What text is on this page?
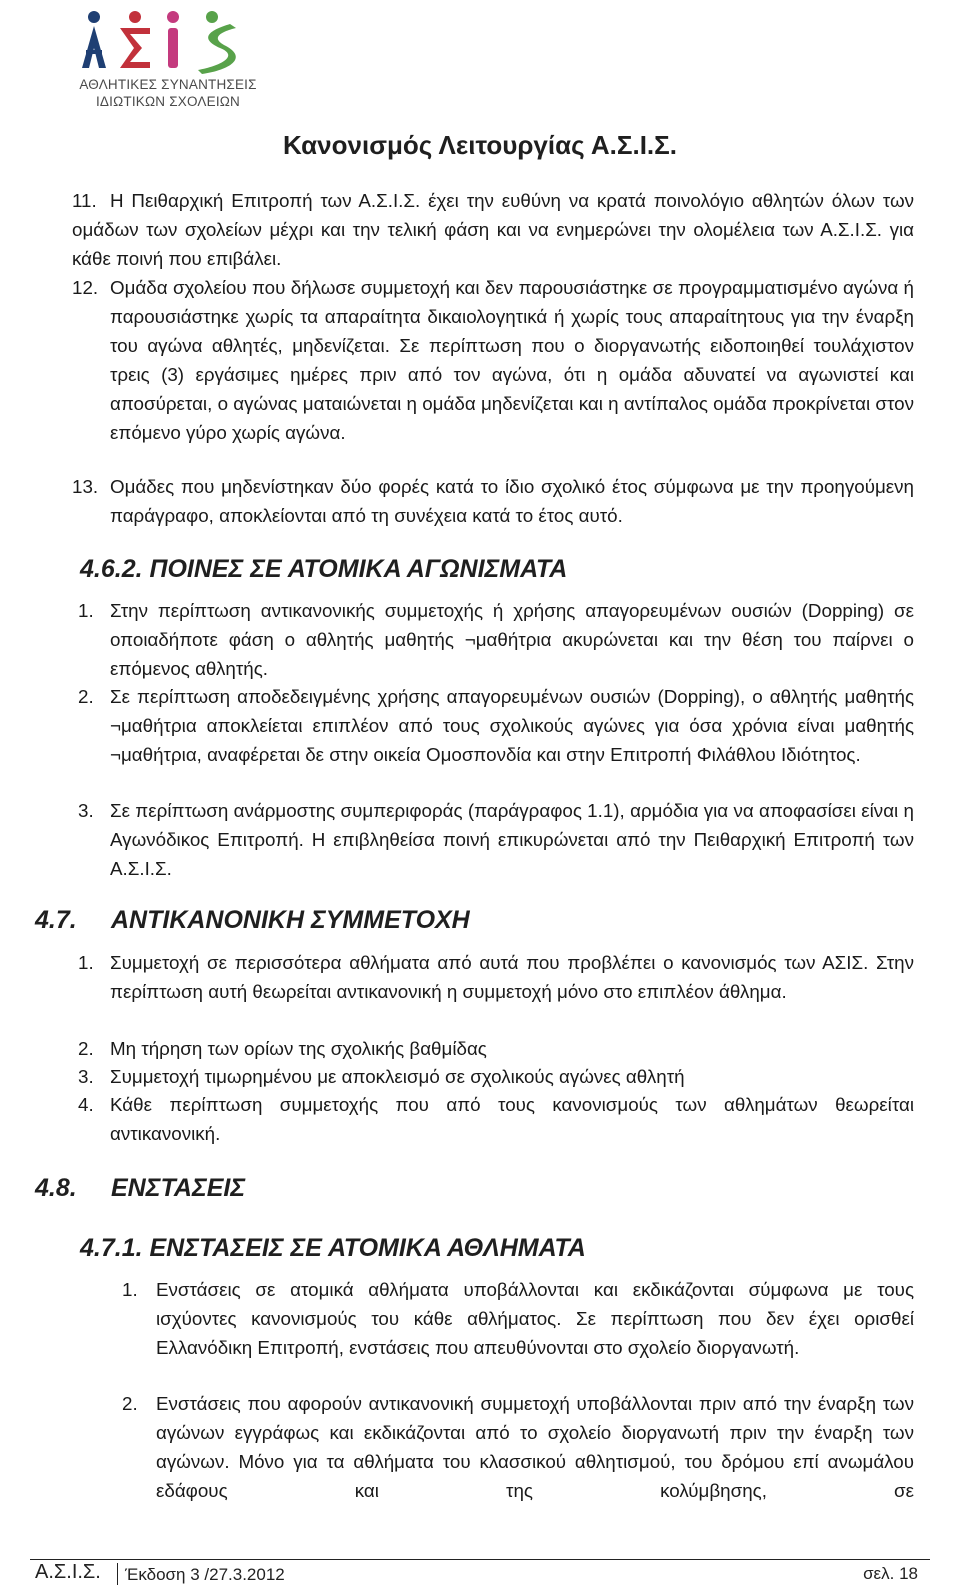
ΑΘΛΗΤΙΚΕΣ ΣΥΝΑΝΤΗΣΕΙΣ
ΙΔΙΩΤΙΚΩΝ ΣΧΟΛΕΙΩΝ
Κανονισμός Λειτουργίας Α.Σ.Ι.Σ.
11. Η Πειθαρχική Επιτροπή των Α.Σ.Ι.Σ. έχει την ευθύνη να κρατά ποινολόγιο αθλητών όλων των ομάδων των σχολείων μέχρι και την τελική φάση και να ενημερώνει την ολομέλεια των Α.Σ.Ι.Σ. για κάθε ποινή που επιβάλει.
12. Ομάδα σχολείου που δήλωσε συμμετοχή και δεν παρουσιάστηκε σε προγραμματισμένο αγώνα ή παρουσιάστηκε χωρίς τα απαραίτητα δικαιολογητικά ή χωρίς τους απαραίτητους για την έναρξη του αγώνα αθλητές, μηδενίζεται. Σε περίπτωση που ο διοργανωτής ειδοποιηθεί τουλάχιστον τρεις (3) εργάσιμες ημέρες πριν από τον αγώνα, ότι η ομάδα αδυνατεί να αγωνιστεί και αποσύρεται, ο αγώνας ματαιώνεται η ομάδα μηδενίζεται και η αντίπαλος ομάδα προκρίνεται στον επόμενο γύρο χωρίς αγώνα.
13. Ομάδες που μηδενίστηκαν δύο φορές κατά το ίδιο σχολικό έτος σύμφωνα με την προηγούμενη παράγραφο, αποκλείονται από τη συνέχεια κατά το έτος αυτό.
4.6.2. ΠΟΙΝΕΣ ΣΕ ΑΤΟΜΙΚΑ ΑΓΩΝΙΣΜΑΤΑ
1. Στην περίπτωση αντικανονικής συμμετοχής ή χρήσης απαγορευμένων ουσιών (Dopping) σε οποιαδήποτε φάση ο αθλητής μαθητής ¬μαθήτρια ακυρώνεται και την θέση του παίρνει ο επόμενος αθλητής.
2. Σε περίπτωση αποδεδειγμένης χρήσης απαγορευμένων ουσιών (Dopping), ο αθλητής μαθητής ¬μαθήτρια αποκλείεται επιπλέον από τους σχολικούς αγώνες για όσα χρόνια είναι μαθητής ¬μαθήτρια, αναφέρεται δε στην οικεία Ομοσπονδία και στην Επιτροπή Φιλάθλου Ιδιότητος.
3. Σε περίπτωση ανάρμοστης συμπεριφοράς (παράγραφος 1.1), αρμόδια για να αποφασίσει είναι η Αγωνόδικος Επιτροπή. Η επιβληθείσα ποινή επικυρώνεται από την Πειθαρχική Επιτροπή των Α.Σ.Ι.Σ.
4.7. ΑΝΤΙΚΑΝΟΝΙΚΗ ΣΥΜΜΕΤΟΧΗ
1. Συμμετοχή σε περισσότερα αθλήματα από αυτά που προβλέπει ο κανονισμός των ΑΣΙΣ. Στην περίπτωση αυτή θεωρείται αντικανονική η συμμετοχή μόνο στο επιπλέον άθλημα.
2. Μη τήρηση των ορίων της σχολικής βαθμίδας
3. Συμμετοχή τιμωρημένου με αποκλεισμό σε σχολικούς αγώνες αθλητή
4. Κάθε περίπτωση συμμετοχής που από τους κανονισμούς των αθλημάτων θεωρείται αντικανονική.
4.8. ΕΝΣΤΑΣΕΙΣ
4.7.1. ΕΝΣΤΑΣΕΙΣ ΣΕ ΑΤΟΜΙΚΑ ΑΘΛΗΜΑΤΑ
1. Ενστάσεις σε ατομικά αθλήματα υποβάλλονται και εκδικάζονται σύμφωνα με τους ισχύοντες κανονισμούς του κάθε αθλήματος. Σε περίπτωση που δεν έχει ορισθεί Ελλανόδικη Επιτροπή, ενστάσεις που απευθύνονται στο σχολείο διοργανωτή.
2. Ενστάσεις που αφορούν αντικανονική συμμετοχή υποβάλλονται πριν από την έναρξη των αγώνων εγγράφως και εκδικάζονται από το σχολείο διοργανωτή πριν την έναρξη των αγώνων. Μόνο για τα αθλήματα του κλασσικού αθλητισμού, του δρόμου επί ανωμάλου εδάφους και της κολύμβησης, σε
Α.Σ.Ι.Σ. Έκδοση 3 /27.3.2012	σελ. 18
